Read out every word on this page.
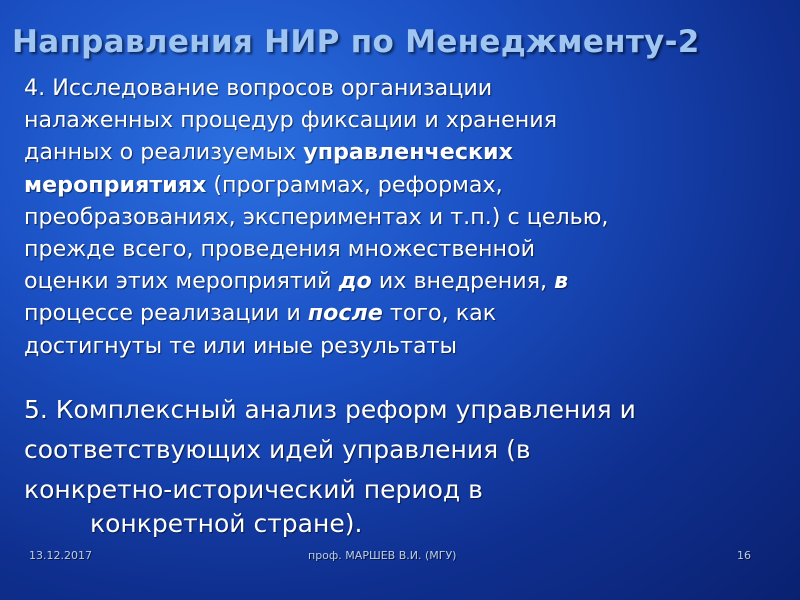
Направления НИР по Менеджменту-2
4. Исследование вопросов организации
налаженных процедур фиксации и хранения
данных о реализуемых управленческих
мероприятиях (программах, реформах,
преобразованиях, экспериментах и т.п.) с целью,
прежде всего, проведения множественной
оценки этих мероприятий до их внедрения, в
процессе реализации и после того, как
достигнуты те или иные результаты
5. Комплексный анализ реформ управления и
соответствующих идей управления (в
конкретно-исторический период в
конкретной стране).
13.12.2017	проф. МАРШЕВ В.И. (МГУ)	16
